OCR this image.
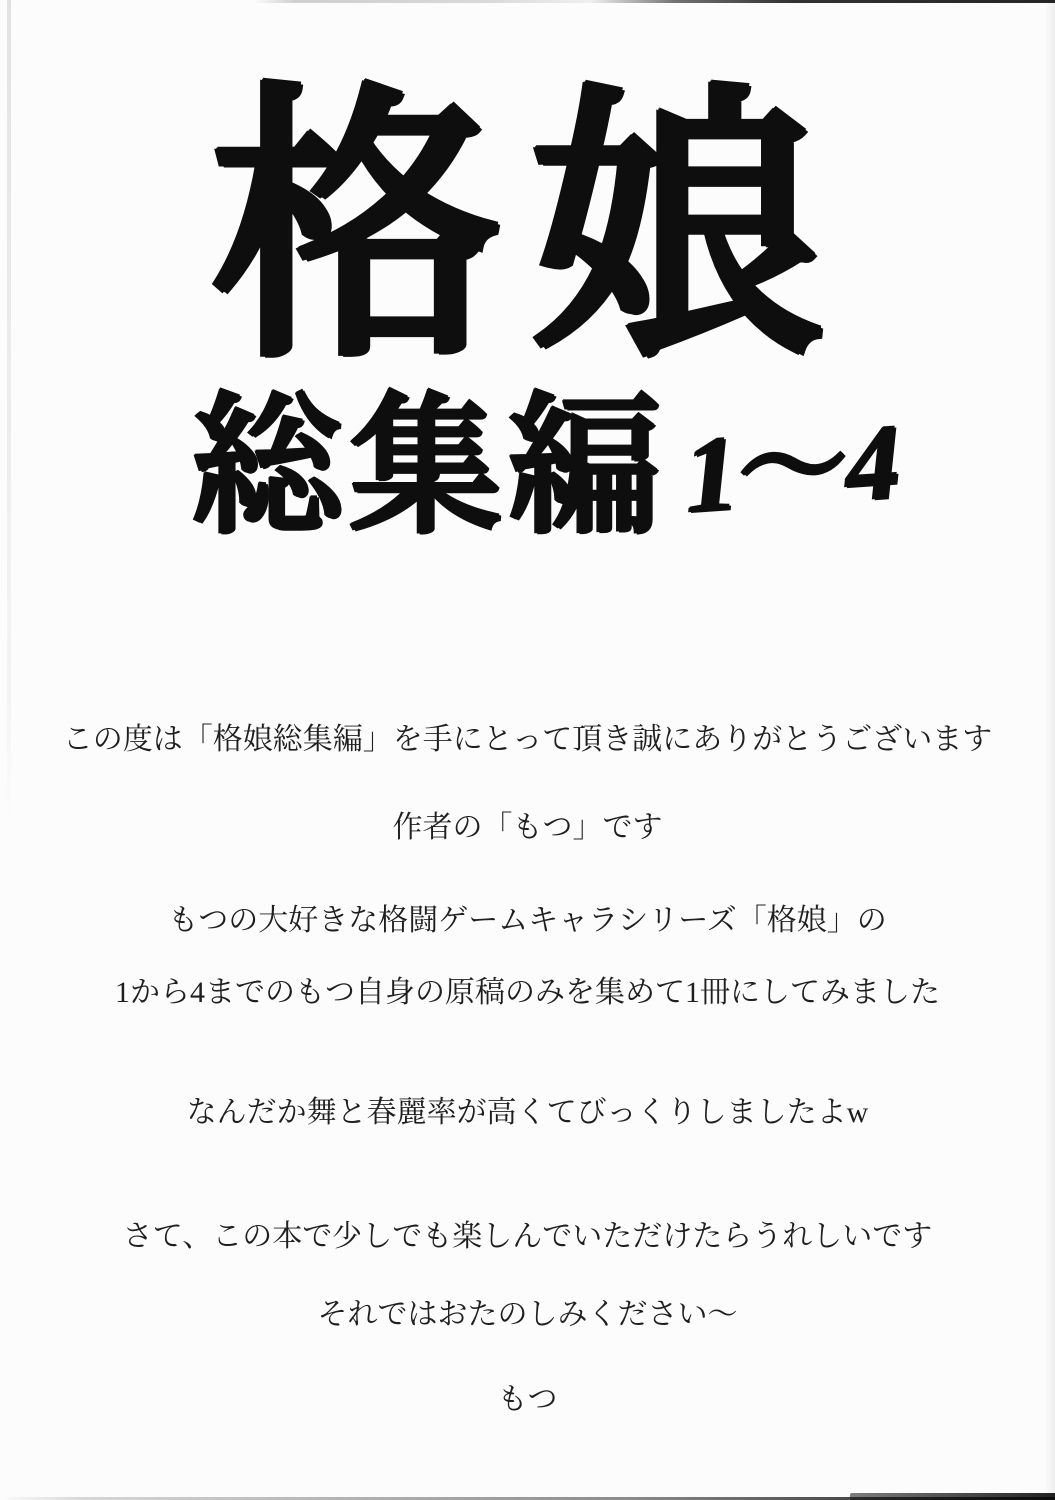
格娘
総集編 1～4
この度は「格娘総集編」を手にとって頂き誠にありがとうございます
作者の「もつ」です
もつの大好きな格闘ゲームキャラシリーズ「格娘」の
1から4までのもつ自身の原稿のみを集めて1冊にしてみました
なんだか舞と春麗率が高くてびっくりしましたよw
さて、この本で少しでも楽しんでいただけたらうれしいです
それではおたのしみください～
もつ
